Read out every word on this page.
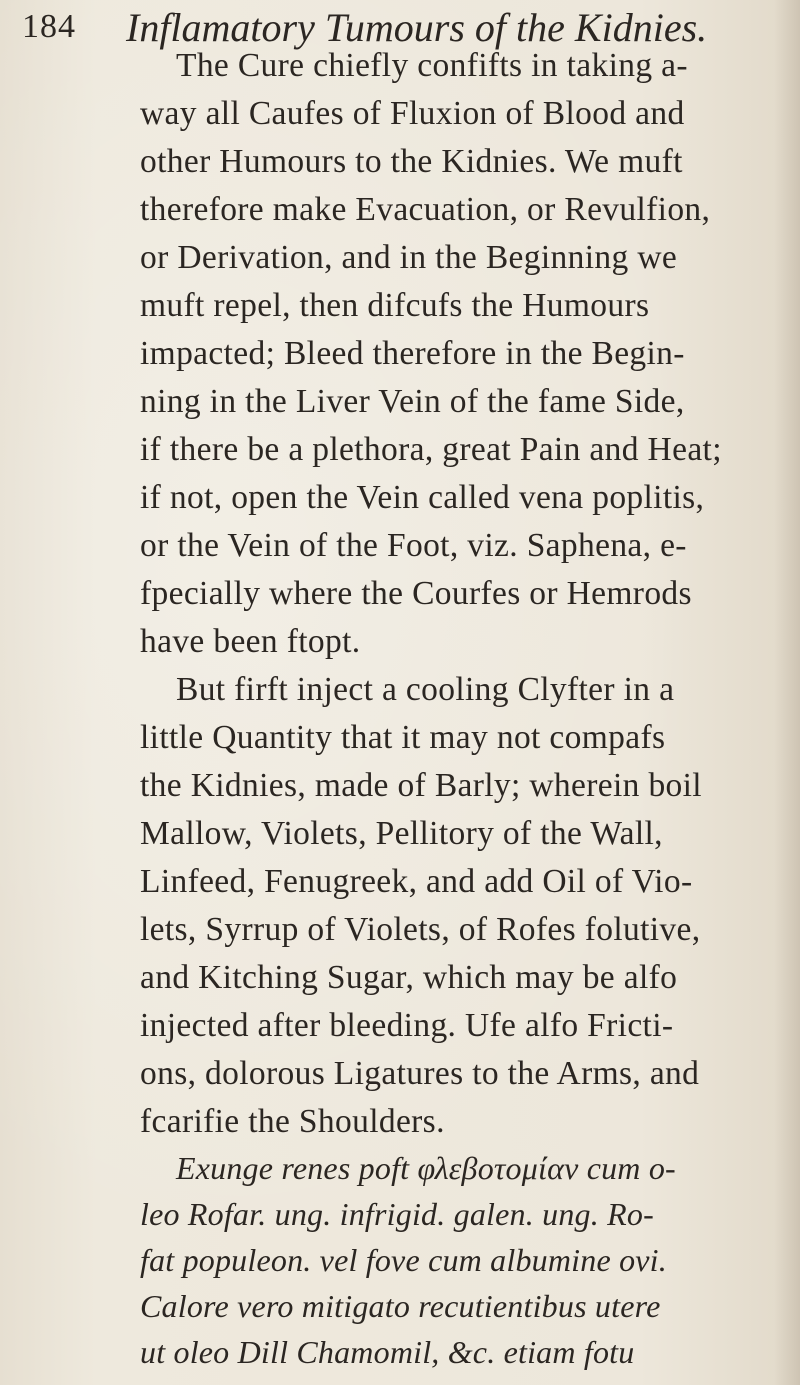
184 Inflamatory Tumours of the Kidnies.
The Cure chiefly confifts in taking a-
way all Caufes of Fluxion of Blood and
other Humours to the Kidnies. We muft
therefore make Evacuation, or Revulfion,
or Derivation, and in the Beginning we
muft repel, then difcufs the Humours
impacted; Bleed therefore in the Begin-
ning in the Liver Vein of the fame Side,
if there be a plethora, great Pain and Heat;
if not, open the Vein called vena poplitis,
or the Vein of the Foot, viz. Saphena, e-
fpecially where the Courfes or Hemrods
have been ftopt.
But firft inject a cooling Clyfter in a
little Quantity that it may not compafs
the Kidnies, made of Barly; wherein boil
Mallow, Violets, Pellitory of the Wall,
Linfeed, Fenugreek, and add Oil of Vio-
lets, Syrrup of Violets, of Rofes folutive,
and Kitching Sugar, which may be alfo
injected after bleeding. Ufe alfo Fricti-
ons, dolorous Ligatures to the Arms, and
fcarifie the Shoulders.
Exunge renes poft φλεβοτομίαν cum o-
leo Rofar. ung. infrigid. galen. ung. Ro-
fat populeon. vel fove cum albumine ovi.
Calore vero mitigato recutientibus utere
ut oleo Dill Chamomil, &c. etiam fotu
